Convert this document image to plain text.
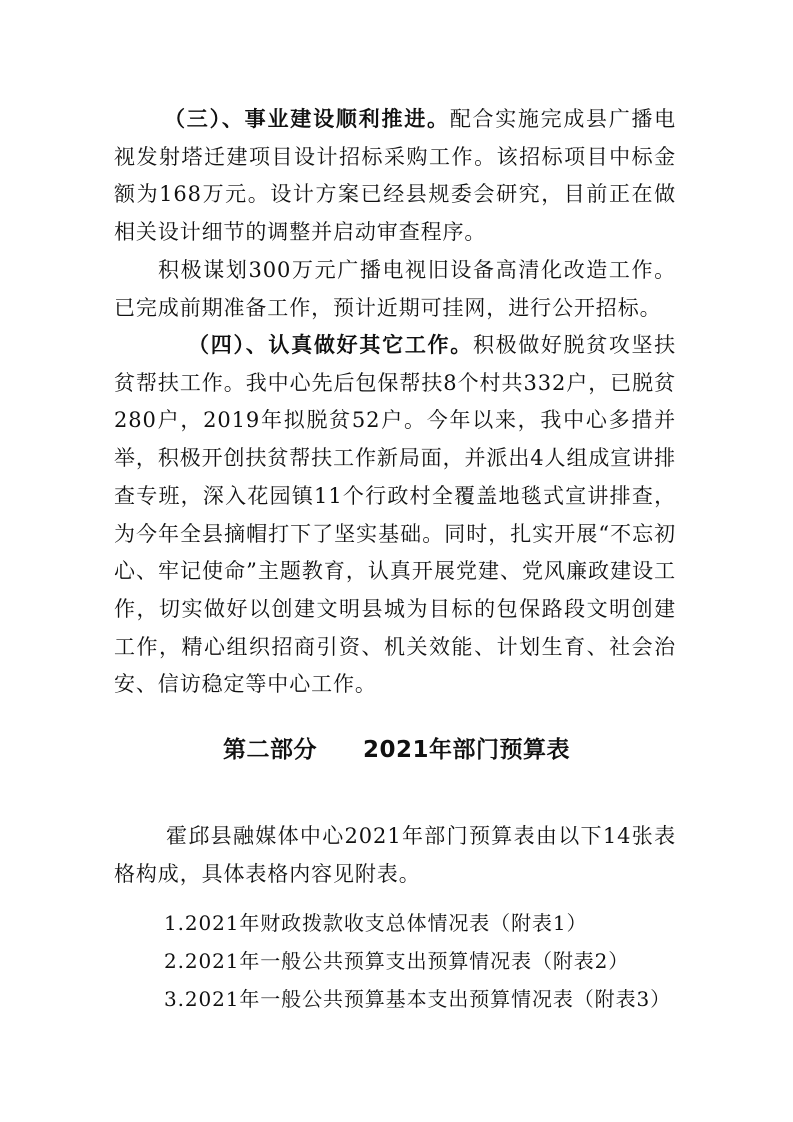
（三）、事业建设顺利推进。配合实施完成县广播电视发射塔迁建项目设计招标采购工作。该招标项目中标金额为168万元。设计方案已经县规委会研究，目前正在做相关设计细节的调整并启动审查程序。

积极谋划300万元广播电视旧设备高清化改造工作。已完成前期准备工作，预计近期可挂网，进行公开招标。

（四）、认真做好其它工作。积极做好脱贫攻坚扶贫帮扶工作。我中心先后包保帮扶8个村共332户，已脱贫280户，2019年拟脱贫52户。今年以来，我中心多措并举，积极开创扶贫帮扶工作新局面，并派出4人组成宣讲排查专班，深入花园镇11个行政村全覆盖地毯式宣讲排查，为今年全县摘帽打下了坚实基础。同时，扎实开展“不忘初心、牢记使命”主题教育，认真开展党建、党风廉政建设工作，切实做好以创建文明县城为目标的包保路段文明创建工作，精心组织招商引资、机关效能、计划生育、社会治安、信访稳定等中心工作。

第二部分 2021年部门预算表

霍邱县融媒体中心2021年部门预算表由以下14张表格构成，具体表格内容见附表。

1.2021年财政拨款收支总体情况表（附表1）

2.2021年一般公共预算支出预算情况表（附表2）

3.2021年一般公共预算基本支出预算情况表（附表3）
